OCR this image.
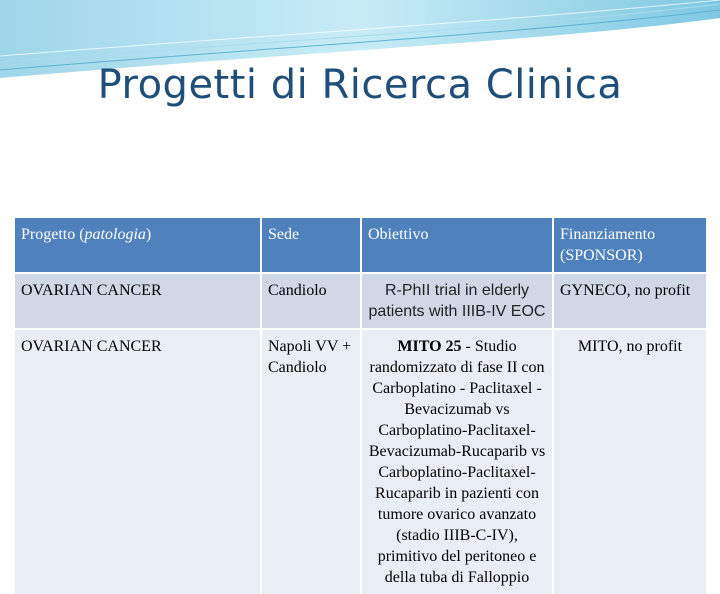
Progetti di Ricerca Clinica
Progetto (patologia)	Sede	Obiettivo	Finanziamento (SPONSOR)
OVARIAN CANCER	Candiolo	R-PhII trial in elderly patients with IIIB-IV EOC	GYNECO, no profit
OVARIAN CANCER	Napoli VV + Candiolo	MITO 25 - Studio randomizzato di fase II con Carboplatino - Paclitaxel - Bevacizumab vs Carboplatino-Paclitaxel-Bevacizumab-Rucaparib vs Carboplatino-Paclitaxel- Rucaparib in pazienti con tumore ovarico avanzato (stadio IIIB-C-IV), primitivo del peritoneo e della tuba di Falloppio	MITO, no profit
